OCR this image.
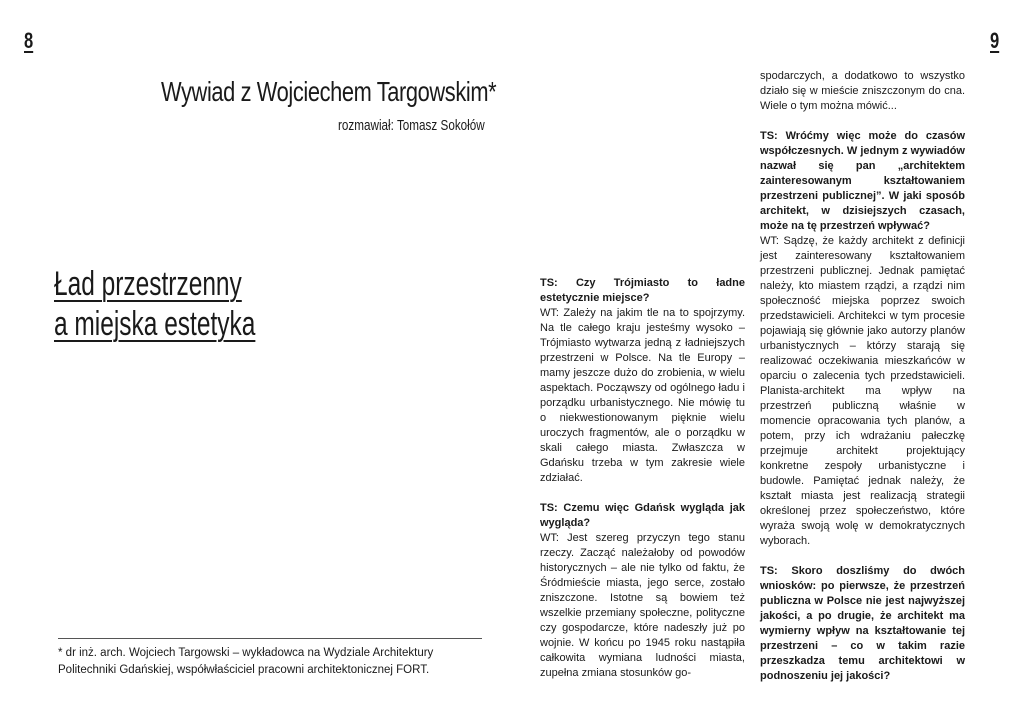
8	9
Wywiad z Wojciechem Targowskim*
rozmawiał: Tomasz Sokołów
Ład przestrzenny
a miejska estetyka
* dr inż. arch. Wojciech Targowski – wykładowca na Wydziale Architektury Politechniki Gdańskiej, współwłaściciel pracowni architektonicznej FORT.

TS: Czy Trójmiasto to ładne estetycznie miejsce?

WT: Zależy na jakim tle na to spojrzymy. Na tle całego kraju jesteśmy wysoko – Trójmiasto wytwarza jedną z ładniejszych przestrzeni w Polsce. Na tle Europy – mamy jeszcze dużo do zrobienia, w wielu aspektach. Począwszy od ogólnego ładu i porządku urbanistycznego. Nie mówię tu o niekwestionowanym pięknie wielu uroczych fragmentów, ale o porządku w skali całego miasta. Zwłaszcza w Gdańsku trzeba w tym zakresie wiele zdziałać.

TS: Czemu więc Gdańsk wygląda jak wygląda?

WT: Jest szereg przyczyn tego stanu rzeczy. Zacząć należałoby od powodów historycznych – ale nie tylko od faktu, że Śródmieście miasta, jego serce, zostało zniszczone. Istotne są bowiem też wszelkie przemiany społeczne, polityczne czy gospodarcze, które nadeszły już po wojnie. W końcu po 1945 roku nastąpiła całkowita wymiana ludności miasta, zupełna zmiana stosunków go-

spodarczych, a dodatkowo to wszystko działo się w mieście zniszczonym do cna. Wiele o tym można mówić...

TS: Wróćmy więc może do czasów współczesnych. W jednym z wywiadów nazwał się pan „architektem zainteresowanym kształtowaniem przestrzeni publicznej”. W jaki sposób architekt, w dzisiejszych czasach, może na tę przestrzeń wpływać?

WT: Sądzę, że każdy architekt z definicji jest zainteresowany kształtowaniem przestrzeni publicznej. Jednak pamiętać należy, kto miastem rządzi, a rządzi nim społeczność miejska poprzez swoich przedstawicieli. Architekci w tym procesie pojawiają się głównie jako autorzy planów urbanistycznych – którzy starają się realizować oczekiwania mieszkańców w oparciu o zalecenia tych przedstawicieli. Planista-architekt ma wpływ na przestrzeń publiczną właśnie w momencie opracowania tych planów, a potem, przy ich wdrażaniu pałeczkę przejmuje architekt projektujący konkretne zespoły urbanistyczne i budowle. Pamiętać jednak należy, że kształt miasta jest realizacją strategii określonej przez społeczeństwo, które wyraża swoją wolę w demokratycznych wyborach.

TS: Skoro doszliśmy do dwóch wniosków: po pierwsze, że przestrzeń publiczna w Polsce nie jest najwyższej jakości, a po drugie, że architekt ma wymierny wpływ na kształtowanie tej przestrzeni – co w takim razie przeszkadza temu architektowi w podnoszeniu jej jakości?
